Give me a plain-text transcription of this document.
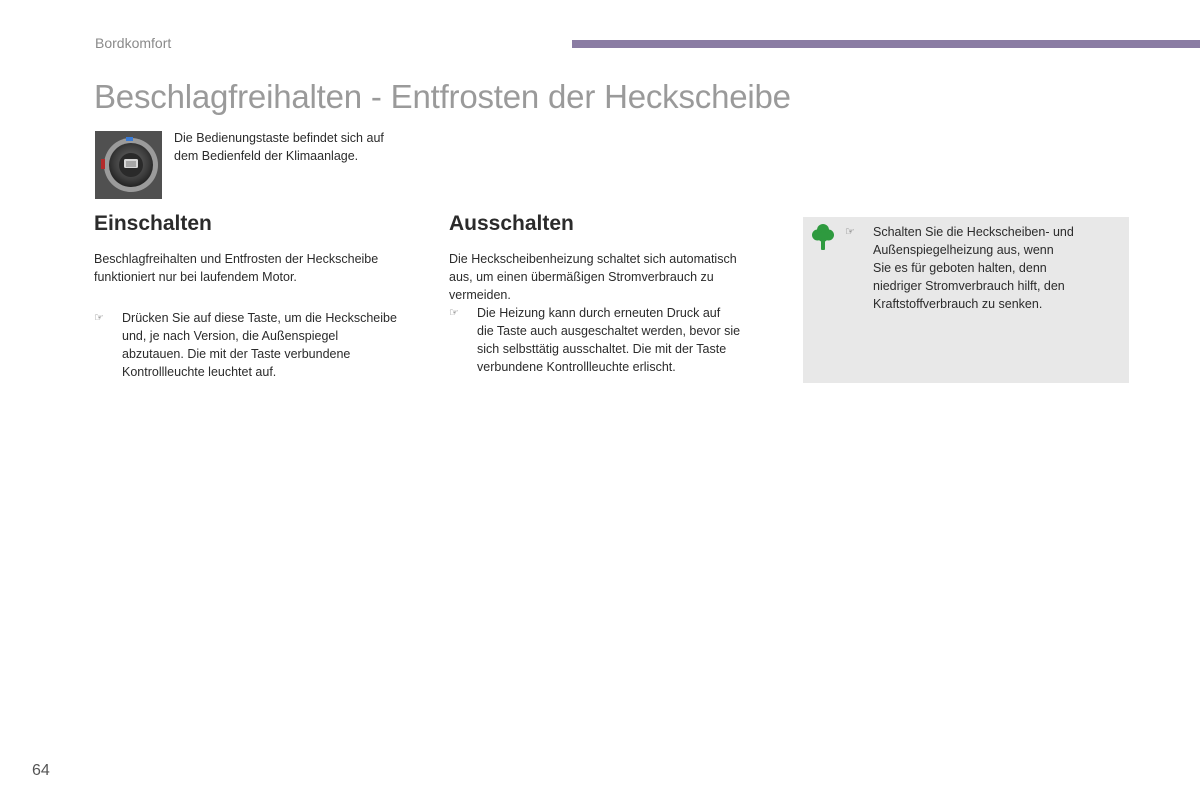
Bordkomfort
Beschlagfreihalten - Entfrosten der Heckscheibe
Die Bedienungstaste befindet sich auf
dem Bedienfeld der Klimaanlage.
Einschalten

Beschlagfreihalten und Entfrosten der Heckscheibe
funktioniert nur bei laufendem Motor.

☞ Drücken Sie auf diese Taste, um die Heckscheibe
und, je nach Version, die Außenspiegel
abzutauen. Die mit der Taste verbundene
Kontrollleuchte leuchtet auf.
Ausschalten

Die Heckscheibenheizung schaltet sich automatisch
aus, um einen übermäßigen Stromverbrauch zu
vermeiden.

☞ Die Heizung kann durch erneuten Druck auf
die Taste auch ausgeschaltet werden, bevor sie
sich selbsttätig ausschaltet. Die mit der Taste
verbundene Kontrollleuchte erlischt.
☞ Schalten Sie die Heckscheiben- und
Außenspiegelheizung aus, wenn
Sie es für geboten halten, denn
niedriger Stromverbrauch hilft, den
Kraftstoffverbrauch zu senken.
64
